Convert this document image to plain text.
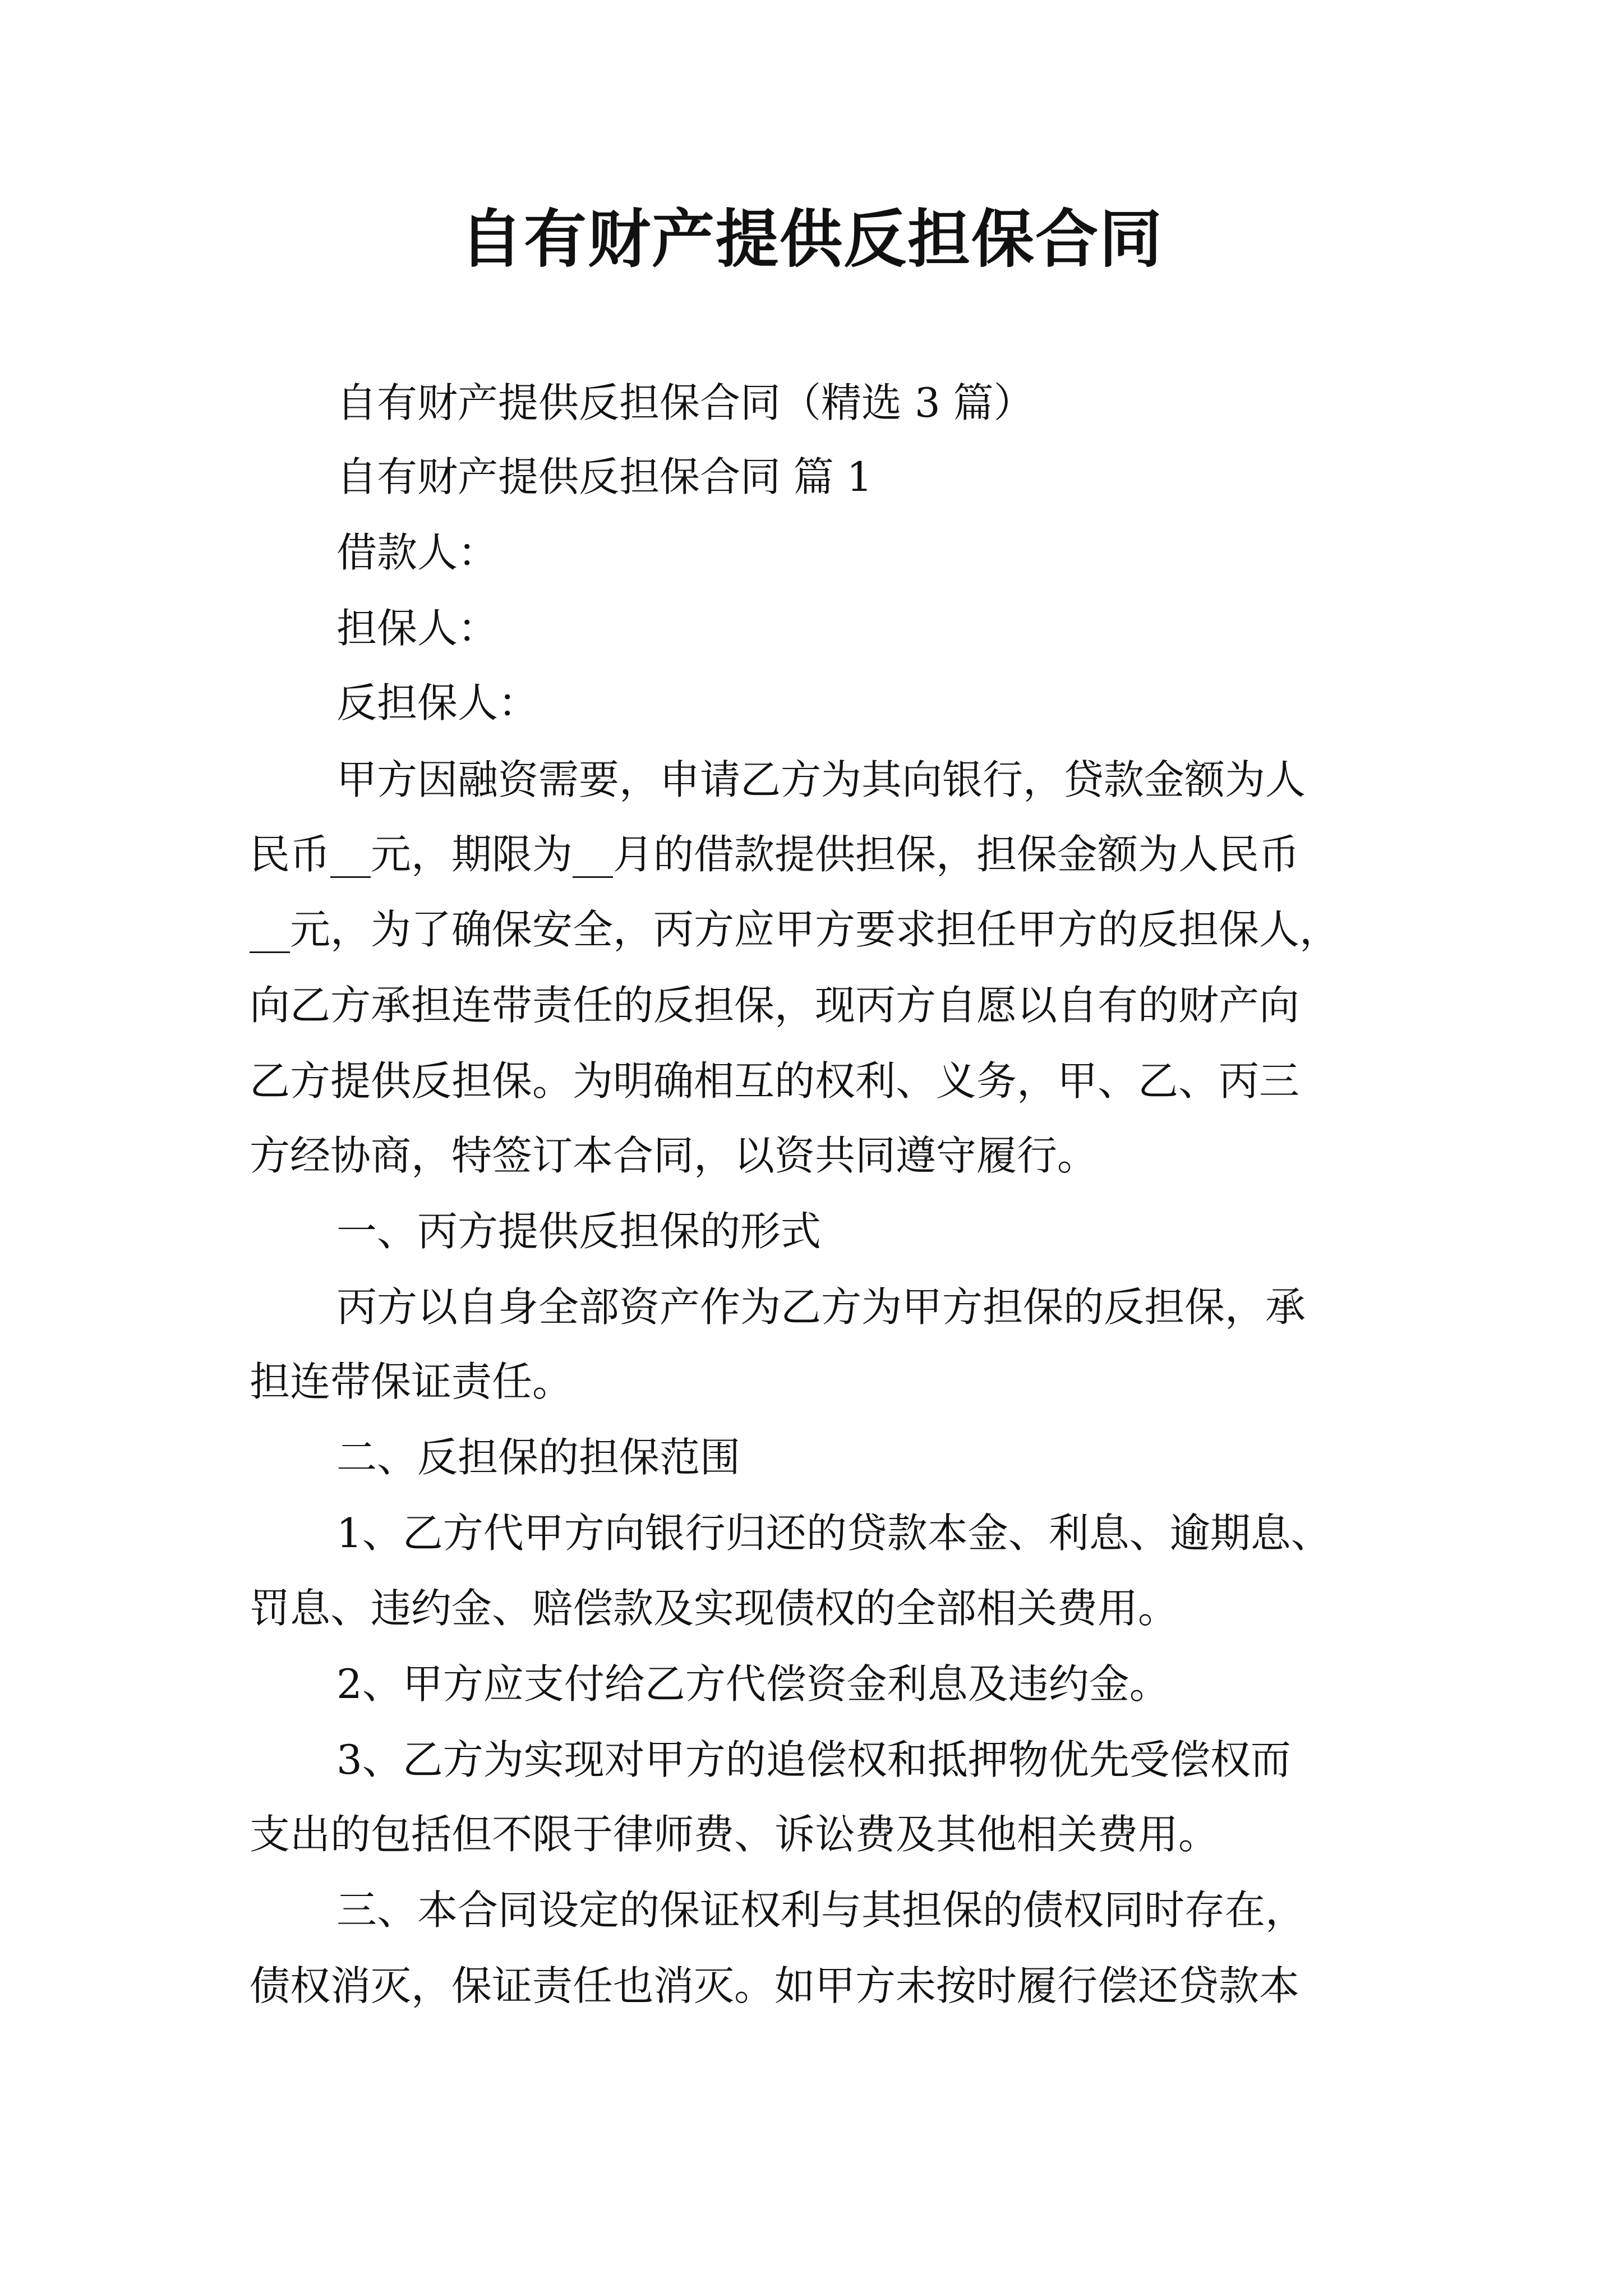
自有财产提供反担保合同

自有财产提供反担保合同（精选 3 篇）

自有财产提供反担保合同 篇 1

借款人：

担保人：

反担保人：

甲方因融资需要，申请乙方为其向银行，贷款金额为人

民币__元，期限为__月的借款提供担保，担保金额为人民币

__元，为了确保安全，丙方应甲方要求担任甲方的反担保人，

向乙方承担连带责任的反担保，现丙方自愿以自有的财产向

乙方提供反担保。为明确相互的权利、义务，甲、乙、丙三

方经协商，特签订本合同，以资共同遵守履行。

一、丙方提供反担保的形式

丙方以自身全部资产作为乙方为甲方担保的反担保，承

担连带保证责任。

二、反担保的担保范围

1、乙方代甲方向银行归还的贷款本金、利息、逾期息、

罚息、违约金、赔偿款及实现债权的全部相关费用。

2、甲方应支付给乙方代偿资金利息及违约金。

3、乙方为实现对甲方的追偿权和抵押物优先受偿权而

支出的包括但不限于律师费、诉讼费及其他相关费用。

三、本合同设定的保证权利与其担保的债权同时存在，

债权消灭，保证责任也消灭。如甲方未按时履行偿还贷款本
